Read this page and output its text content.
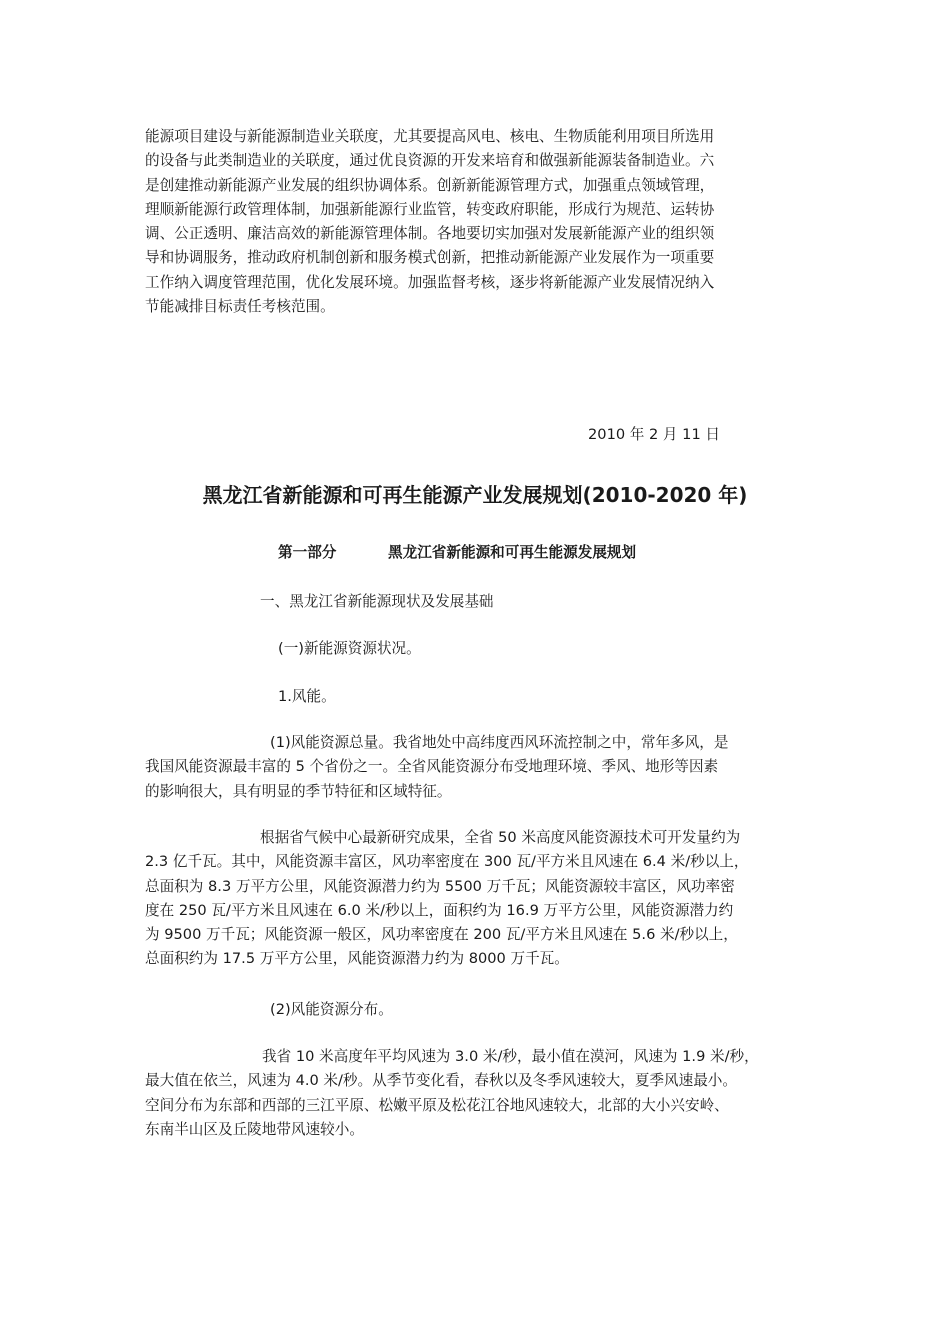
能源项目建设与新能源制造业关联度，尤其要提高风电、核电、生物质能利用项目所选用
的设备与此类制造业的关联度，通过优良资源的开发来培育和做强新能源装备制造业。六
是创建推动新能源产业发展的组织协调体系。创新新能源管理方式，加强重点领域管理，
理顺新能源行政管理体制，加强新能源行业监管，转变政府职能，形成行为规范、运转协
调、公正透明、廉洁高效的新能源管理体制。各地要切实加强对发展新能源产业的组织领
导和协调服务，推动政府机制创新和服务模式创新，把推动新能源产业发展作为一项重要
工作纳入调度管理范围，优化发展环境。加强监督考核，逐步将新能源产业发展情况纳入
节能减排目标责任考核范围。
2010 年 2 月 11 日
黑龙江省新能源和可再生能源产业发展规划(2010-2020 年)
第一部分	黑龙江省新能源和可再生能源发展规划
一、黑龙江省新能源现状及发展基础
(一)新能源资源状况。
1.风能。
(1)风能资源总量。我省地处中高纬度西风环流控制之中，常年多风，是
我国风能资源最丰富的 5 个省份之一。全省风能资源分布受地理环境、季风、地形等因素
的影响很大，具有明显的季节特征和区域特征。
根据省气候中心最新研究成果，全省 50 米高度风能资源技术可开发量约为
2.3 亿千瓦。其中，风能资源丰富区，风功率密度在 300 瓦/平方米且风速在 6.4 米/秒以上，
总面积为 8.3 万平方公里，风能资源潜力约为 5500 万千瓦；风能资源较丰富区，风功率密
度在 250 瓦/平方米且风速在 6.0 米/秒以上，面积约为 16.9 万平方公里，风能资源潜力约
为 9500 万千瓦；风能资源一般区，风功率密度在 200 瓦/平方米且风速在 5.6 米/秒以上，
总面积约为 17.5 万平方公里，风能资源潜力约为 8000 万千瓦。
(2)风能资源分布。
我省 10 米高度年平均风速为 3.0 米/秒，最小值在漠河，风速为 1.9 米/秒，
最大值在依兰，风速为 4.0 米/秒。从季节变化看，春秋以及冬季风速较大，夏季风速最小。
空间分布为东部和西部的三江平原、松嫩平原及松花江谷地风速较大，北部的大小兴安岭、
东南半山区及丘陵地带风速较小。
